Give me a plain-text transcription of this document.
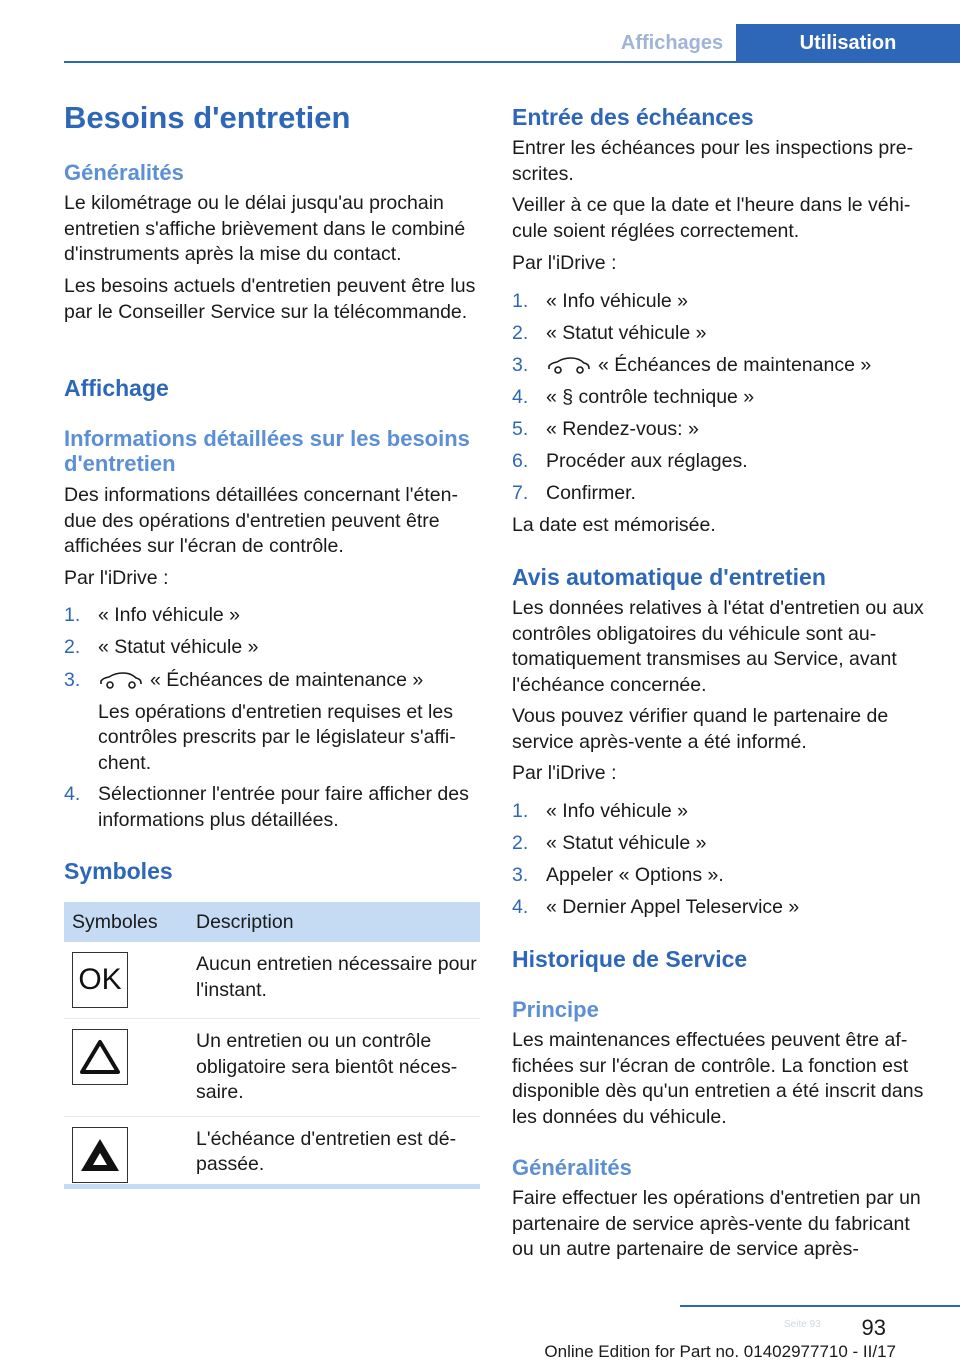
Affichages	Utilisation
Besoins d'entretien
Généralités
Le kilométrage ou le délai jusqu'au prochain entretien s'affiche brièvement dans le combiné d'instruments après la mise du contact.
Les besoins actuels d'entretien peuvent être lus par le Conseiller Service sur la télécommande.
Affichage
Informations détaillées sur les besoins d'entretien
Des informations détaillées concernant l'étendue des opérations d'entretien peuvent être affichées sur l'écran de contrôle.
Par l'iDrive :
1. « Info véhicule »
2. « Statut véhicule »
3.	« Échéances de maintenance »
Les opérations d'entretien requises et les contrôles prescrits par le législateur s'affichent.
4. Sélectionner l'entrée pour faire afficher des informations plus détaillées.
Symboles
Symboles	Description

OK	Aucun entretien nécessaire pour l'instant.

	Un entretien ou un contrôle obligatoire sera bientôt nécessaire.

	L'échéance d'entretien est dépassée.
Entrée des échéances
Entrer les échéances pour les inspections prescrites.
Veiller à ce que la date et l'heure dans le véhicule soient réglées correctement.
Par l'iDrive :
1. « Info véhicule »
2. « Statut véhicule »
3.	« Échéances de maintenance »
4. « § contrôle technique »
5. « Rendez-vous: »
6. Procéder aux réglages.
7. Confirmer.
La date est mémorisée.
Avis automatique d'entretien
Les données relatives à l'état d'entretien ou aux contrôles obligatoires du véhicule sont automatiquement transmises au Service, avant l'échéance concernée.
Vous pouvez vérifier quand le partenaire de service après-vente a été informé.
Par l'iDrive :
1. « Info véhicule »
2. « Statut véhicule »
3. Appeler « Options ».
4. « Dernier Appel Teleservice »
Historique de Service
Principe
Les maintenances effectuées peuvent être affichées sur l'écran de contrôle. La fonction est disponible dès qu'un entretien a été inscrit dans les données du véhicule.
Généralités
Faire effectuer les opérations d'entretien par un partenaire de service après-vente du fabricant ou un autre partenaire de service après-
93
Seite 93
Online Edition for Part no. 01402977710 - II/17
